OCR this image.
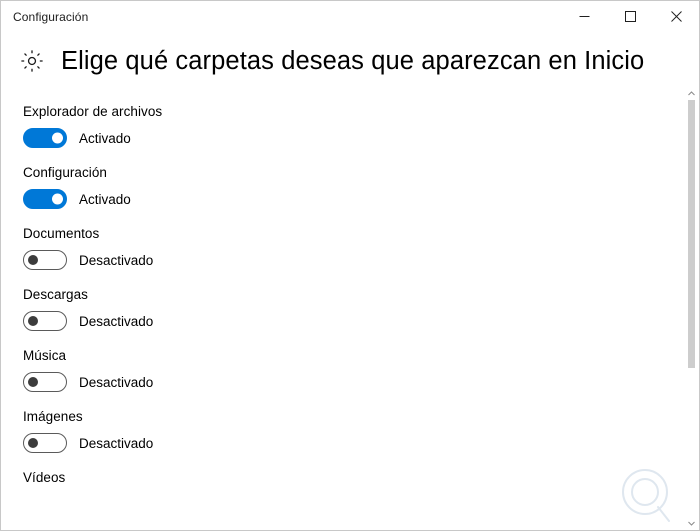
Configuración
Elige qué carpetas deseas que aparezcan en Inicio
Explorador de archivos
Activado
Configuración
Activado
Documentos
Desactivado
Descargas
Desactivado
Música
Desactivado
Imágenes
Desactivado
Vídeos
